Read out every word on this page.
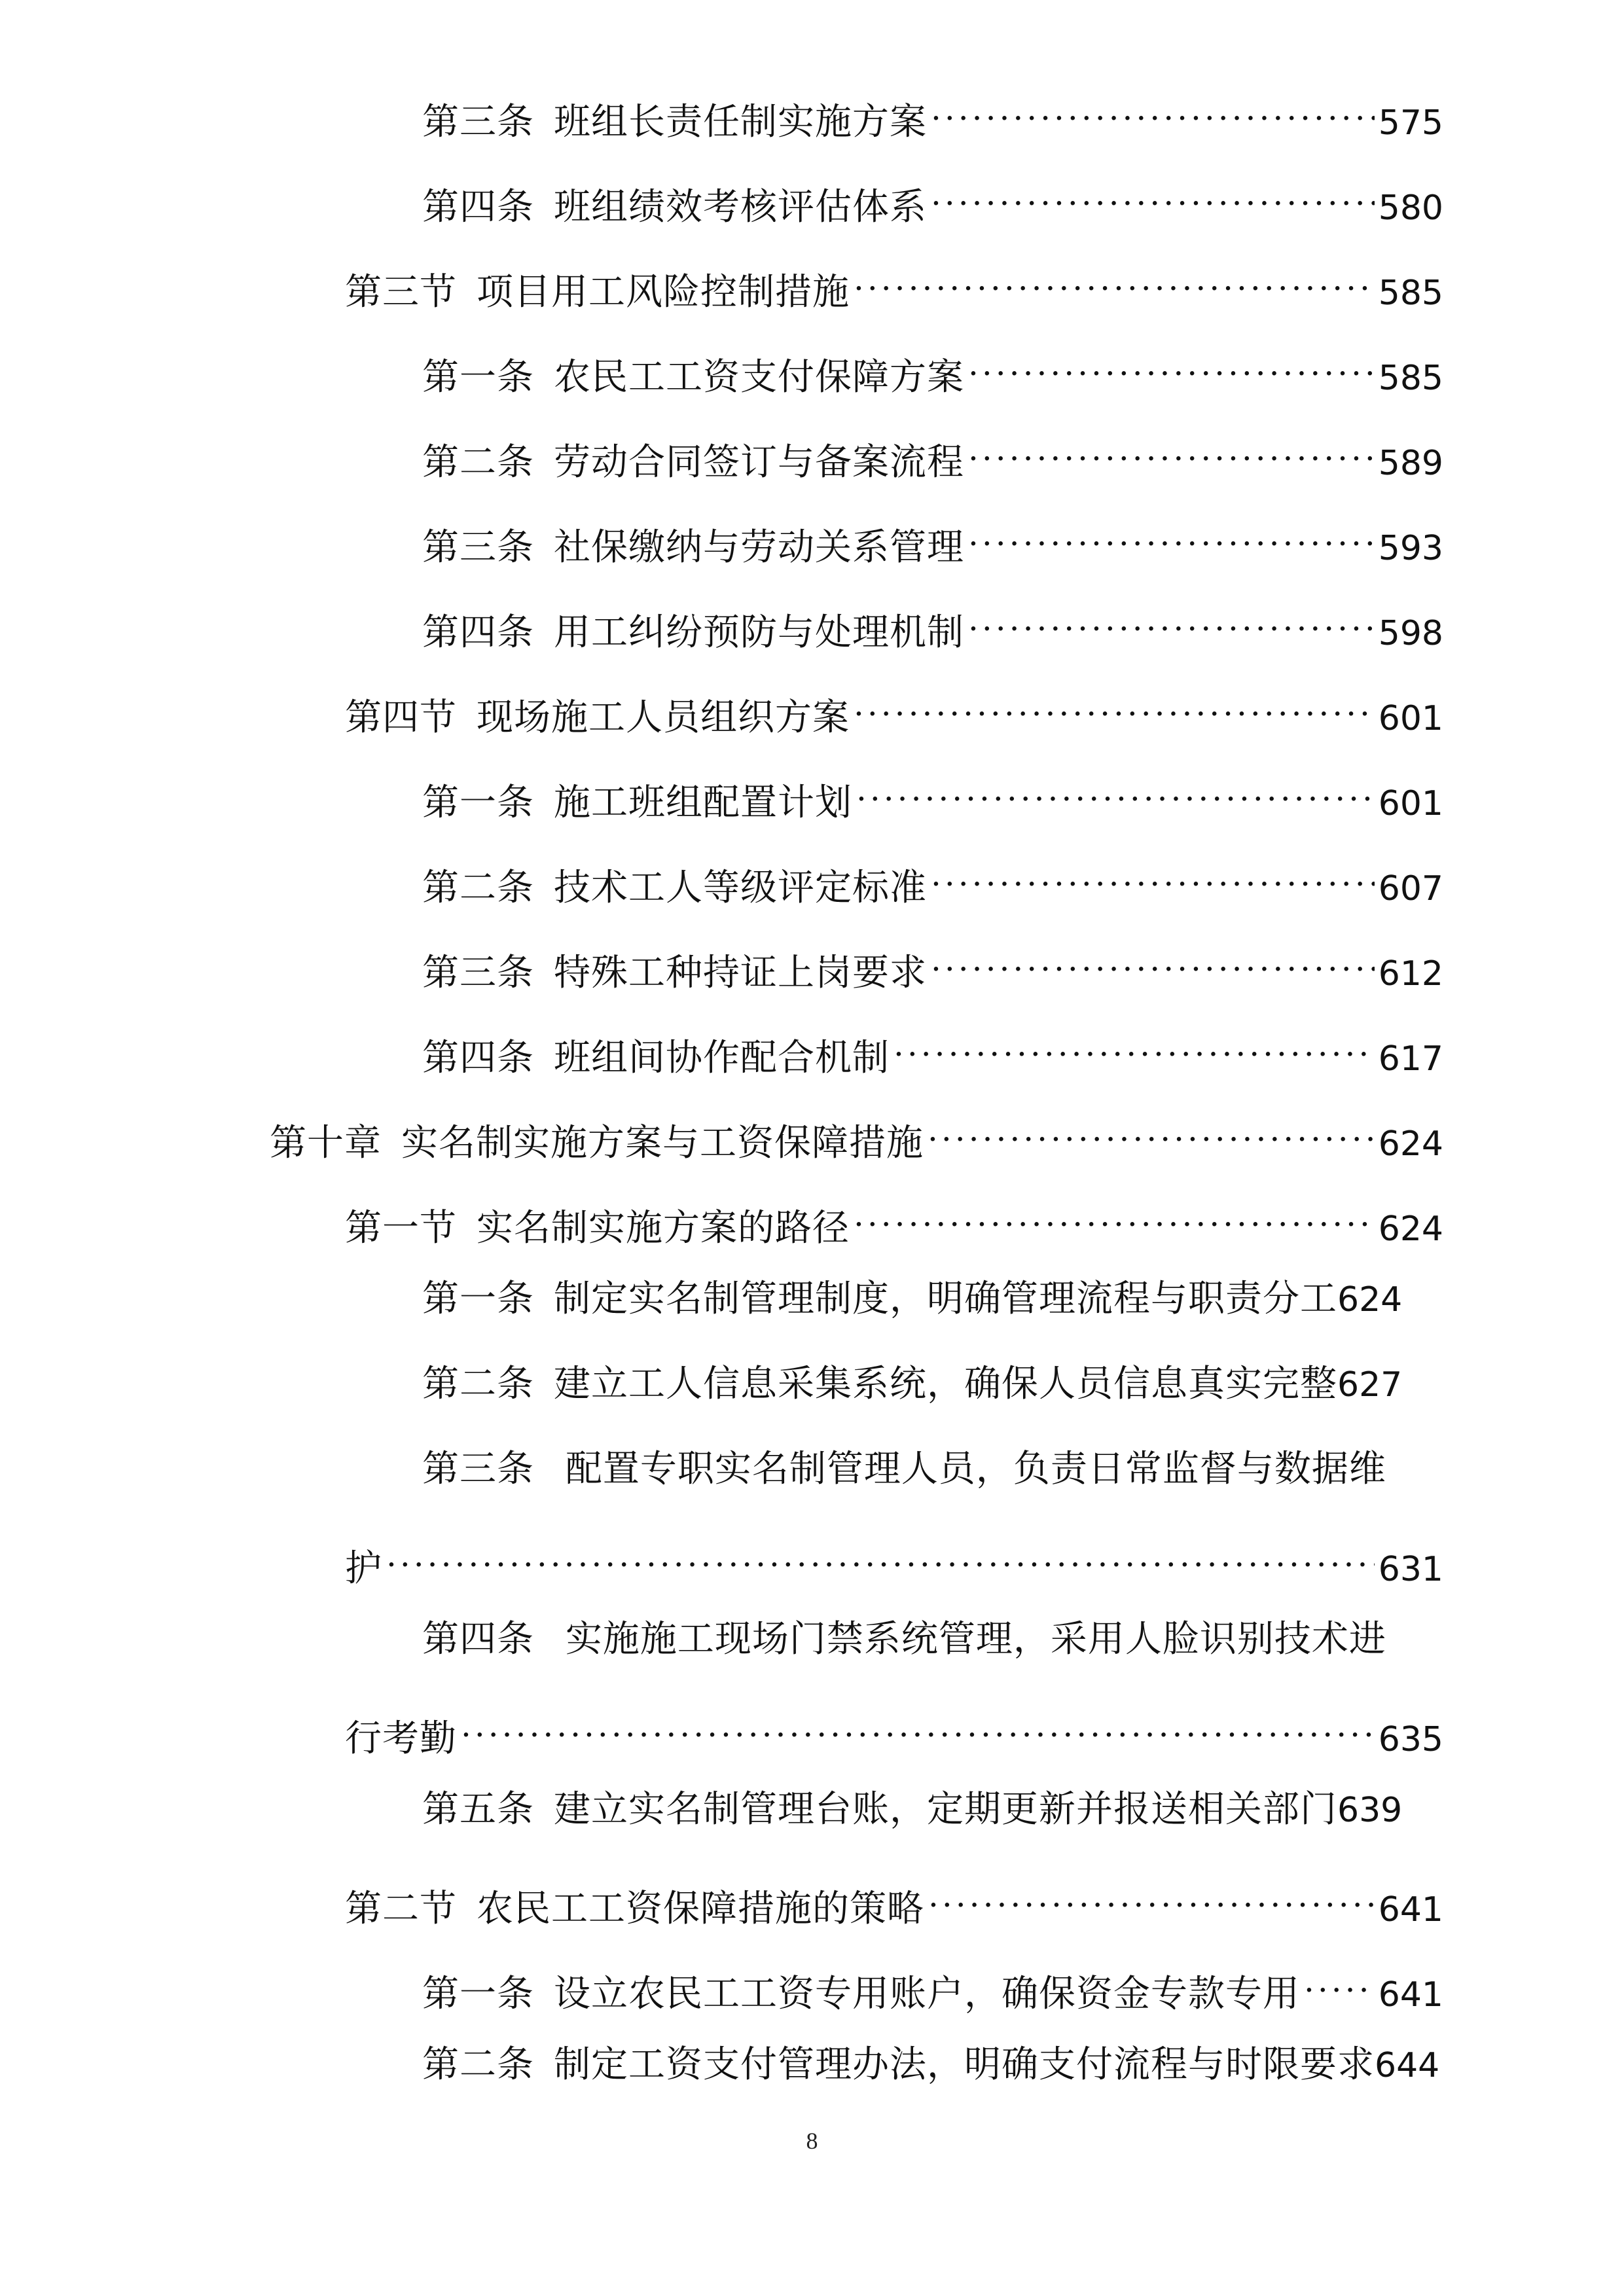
第三条 班组长责任制实施方案 .....	575
第四条 班组绩效考核评估体系 .....	580
第三节 项目用工风险控制措施 .....	585
第一条 农民工工资支付保障方案 .....	585
第二条 劳动合同签订与备案流程 .....	589
第三条 社保缴纳与劳动关系管理 .....	593
第四条 用工纠纷预防与处理机制 .....	598
第四节 现场施工人员组织方案 .....	601
第一条 施工班组配置计划 .....	601
第二条 技术工人等级评定标准 .....	607
第三条 特殊工种持证上岗要求 .....	612
第四条 班组间协作配合机制 .....	617
第十章 实名制实施方案与工资保障措施 .....	624
第一节 实名制实施方案的路径 .....	624
第一条 制定实名制管理制度，明确管理流程与职责分工 624
第二条 建立工人信息采集系统，确保人员信息真实完整 627
第三条 配置专职实名制管理人员，负责日常监督与数据维
护 .....	631
第四条 实施施工现场门禁系统管理，采用人脸识别技术进
行考勤 .....	635
第五条 建立实名制管理台账，定期更新并报送相关部门 639
第二节 农民工工资保障措施的策略 .....	641
第一条 设立农民工工资专用账户，确保资金专款专用 ..... 641
第二条 制定工资支付管理办法，明确支付流程与时限要求 644
8
